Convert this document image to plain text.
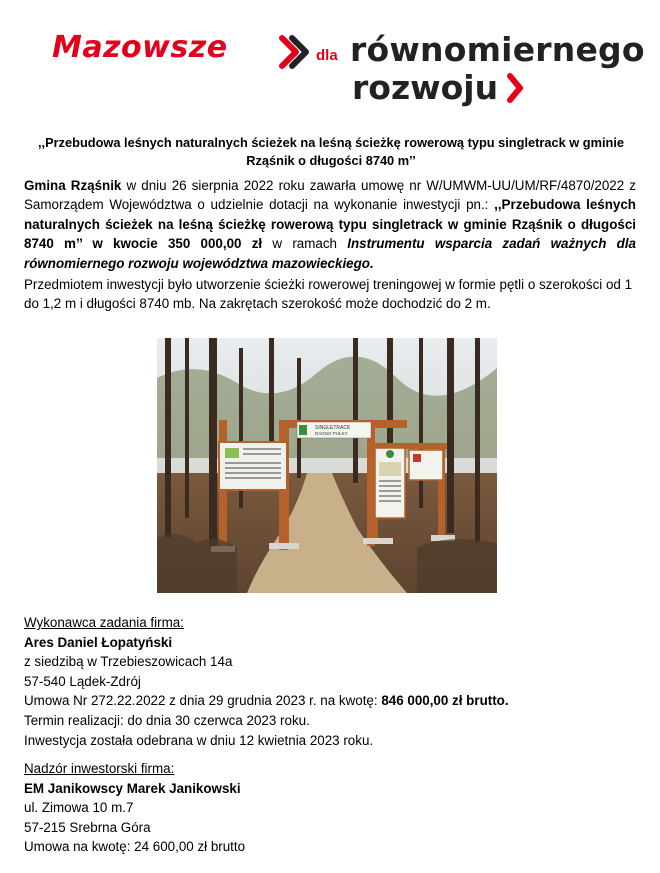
Mazowsze	dla równomiernego
rozwoju
,,Przebudowa leśnych naturalnych ścieżek na leśną ścieżkę rowerową typu singletrack w gminie Rząśnik o długości 8740 m’’
Gmina Rząśnik w dniu 26 sierpnia 2022 roku zawarła umowę nr W/UMWM-UU/UM/RF/4870/2022 z Samorządem Województwa o udzielnie dotacji na wykonanie inwestycji pn.: ,,Przebudowa leśnych naturalnych ścieżek na leśną ścieżkę rowerową typu singletrack w gminie Rząśnik o długości 8740 m’’ w kwocie 350 000,00 zł w ramach Instrumentu wsparcia zadań ważnych dla równomiernego rozwoju województwa mazowieckiego.
Przedmiotem inwestycji było utworzenie ścieżki rowerowej treningowej w formie pętli o szerokości od 1 do 1,2 m i długości 8740 mb. Na zakrętach szerokość może dochodzić do 2 m.
SINGLETRACK
DAGNO PUŁKY
Wykonawca zadania firma:
Ares Daniel Łopatyński
z siedzibą w Trzebieszowicach 14a
57-540 Lądek-Zdrój
Umowa Nr 272.22.2022 z dnia 29 grudnia 2023 r. na kwotę: 846 000,00 zł brutto.
Termin realizacji: do dnia 30 czerwca 2023 roku.
Inwestycja została odebrana w dniu 12 kwietnia 2023 roku.
Nadzór inwestorski firma:
EM Janikowscy Marek Janikowski
ul. Zimowa 10 m.7
57-215 Srebrna Góra
Umowa na kwotę: 24 600,00 zł brutto
